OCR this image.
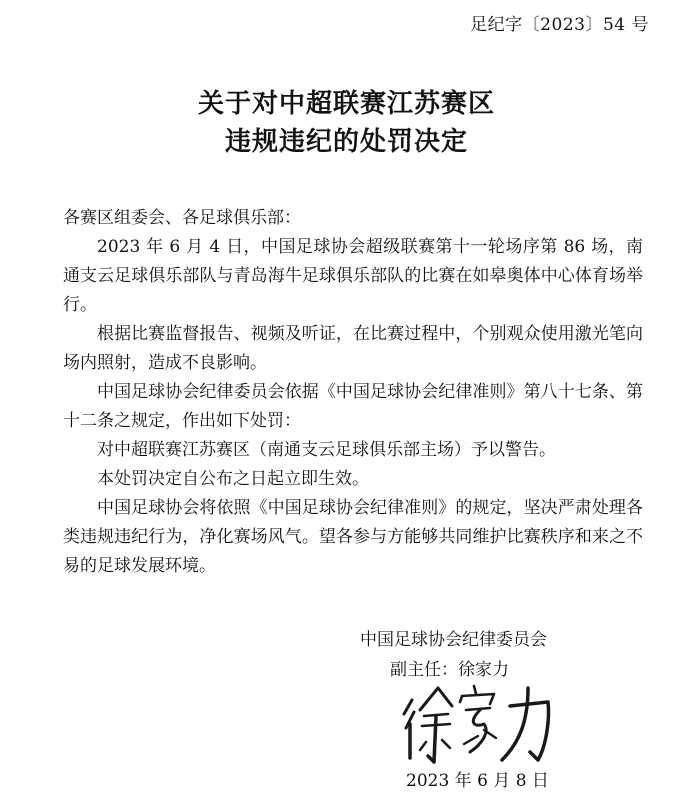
足纪字〔2023〕54 号
关于对中超联赛江苏赛区
违规违纪的处罚决定

各赛区组委会、各足球俱乐部：

2023 年 6 月 4 日，中国足球协会超级联赛第十一轮场序第 86 场，南通支云足球俱乐部队与青岛海牛足球俱乐部队的比赛在如皋奥体中心体育场举行。

根据比赛监督报告、视频及听证，在比赛过程中，个别观众使用激光笔向场内照射，造成不良影响。

中国足球协会纪律委员会依据《中国足球协会纪律准则》第八十七条、第十二条之规定，作出如下处罚：

对中超联赛江苏赛区（南通支云足球俱乐部主场）予以警告。

本处罚决定自公布之日起立即生效。

中国足球协会将依照《中国足球协会纪律准则》的规定，坚决严肃处理各类违规违纪行为，净化赛场风气。望各参与方能够共同维护比赛秩序和来之不易的足球发展环境。

中国足球协会纪律委员会
副主任：徐家力
2023 年 6 月 8 日
